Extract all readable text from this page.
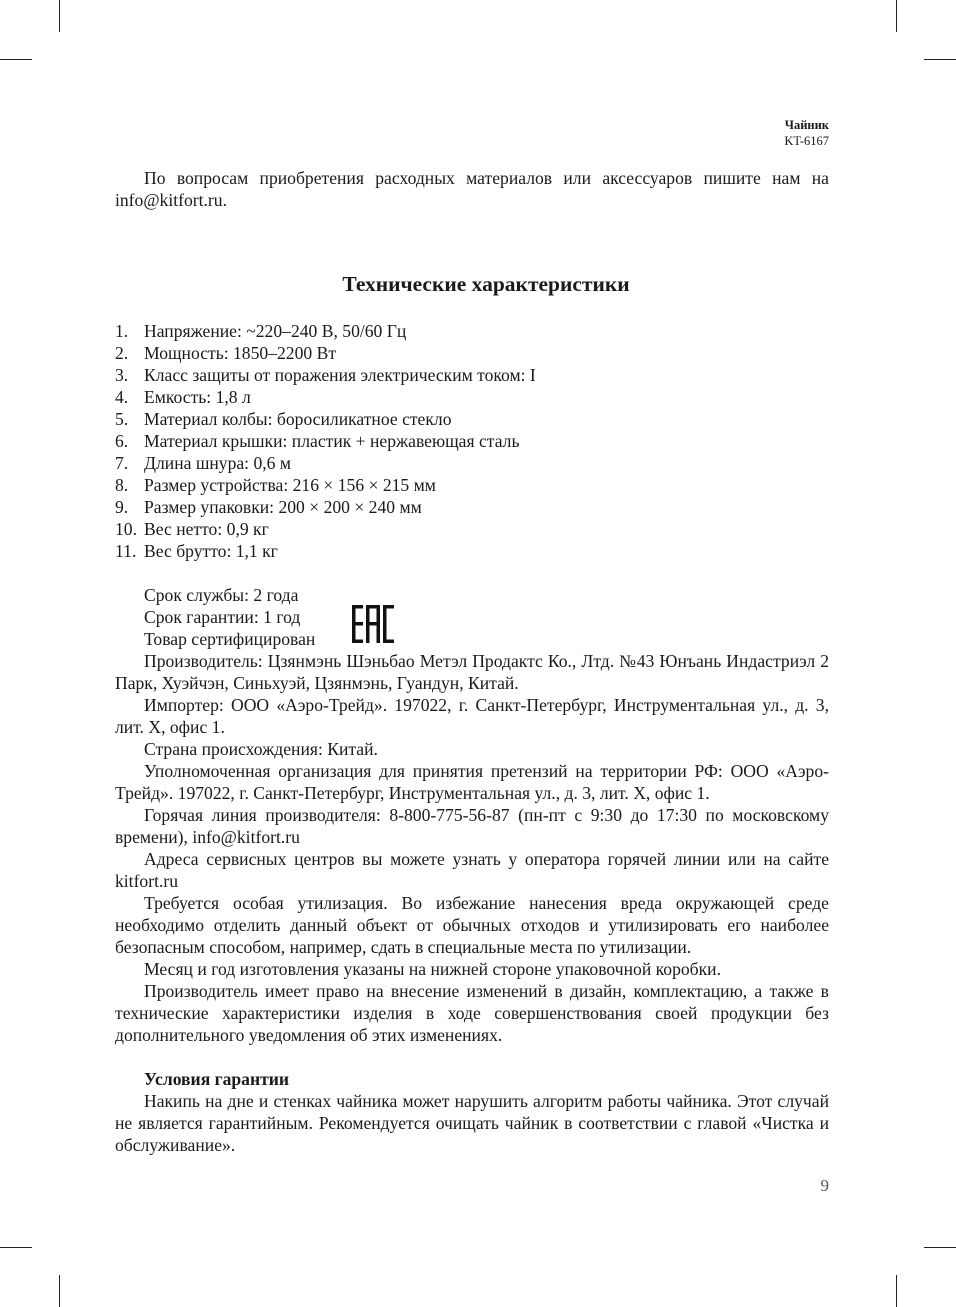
Чайник
KT-6167

По вопросам приобретения расходных материалов или аксессуаров пишите нам на info@kitfort.ru.

Технические характеристики
1. Напряжение: ~220–240 В, 50/60 Гц
2. Мощность: 1850–2200 Вт
3. Класс защиты от поражения электрическим током: I
4. Емкость: 1,8 л
5. Материал колбы: боросиликатное стекло
6. Материал крышки: пластик + нержавеющая сталь
7. Длина шнура: 0,6 м
8. Размер устройства: 216 × 156 × 215 мм
9. Размер упаковки: 200 × 200 × 240 мм
10. Вес нетто: 0,9 кг
11. Вес брутто: 1,1 кг

Срок службы: 2 года

Срок гарантии: 1 год

Товар сертифицирован

Производитель: Цзянмэнь Шэньбао Метэл Продактс Ко., Лтд. №43 Юнъань Индастриэл 2 Парк, Хуэйчэн, Синьхуэй, Цзянмэнь, Гуандун, Китай.

Импортер: ООО «Аэро-Трейд». 197022, г. Санкт-Петербург, Инструментальная ул., д. 3, лит. Х, офис 1.

Страна происхождения: Китай.

Уполномоченная организация для принятия претензий на территории РФ: ООО «Аэро-Трейд». 197022, г. Санкт-Петербург, Инструментальная ул., д. 3, лит. Х, офис 1.

Горячая линия производителя: 8-800-775-56-87 (пн-пт с 9:30 до 17:30 по московскому времени), info@kitfort.ru

Адреса сервисных центров вы можете узнать у оператора горячей линии или на сайте kitfort.ru

Требуется особая утилизация. Во избежание нанесения вреда окружающей среде необходимо отделить данный объект от обычных отходов и утилизировать его наиболее безопасным способом, например, сдать в специальные места по утилизации.

Месяц и год изготовления указаны на нижней стороне упаковочной коробки.

Производитель имеет право на внесение изменений в дизайн, комплектацию, а также в технические характеристики изделия в ходе совершенствования своей продукции без дополнительного уведомления об этих изменениях.

Условия гарантии

Накипь на дне и стенках чайника может нарушить алгоритм работы чайника. Этот случай не является гарантийным. Рекомендуется очищать чайник в соответствии с главой «Чистка и обслуживание».

9
